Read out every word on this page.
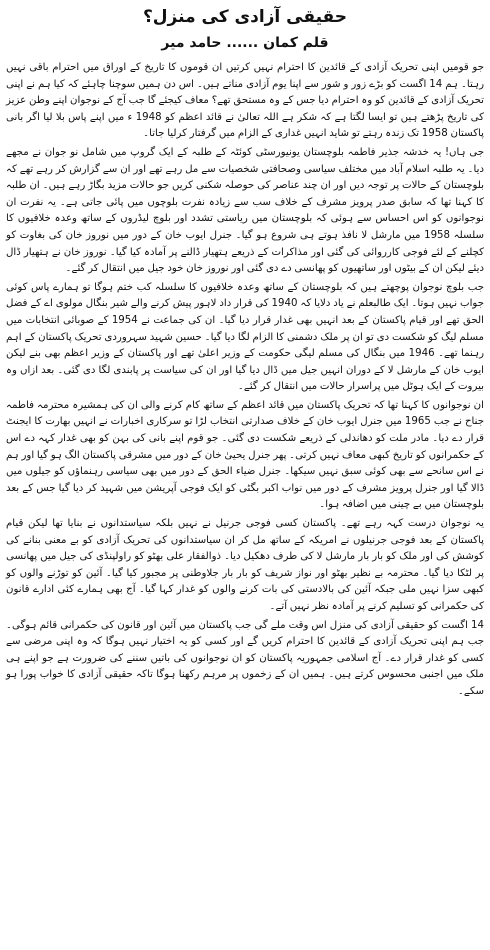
حقیقی آزادی کی منزل؟
قلم کمان ...... حامد میر

جو قومیں اپنی تحریک آزادی کے قائدین کا احترام نہیں کرتیں ان قوموں کا تاریخ کے اوراق میں احترام باقی نہیں رہتا۔ ہم 14 اگست کو بڑے زور و شور سے اپنا یوم آزادی مناتے ہیں۔ اس دن ہمیں سوچنا چاہئے کہ کیا ہم نے اپنی تحریک آزادی کے قائدین کو وہ احترام دیا جس کے وہ مستحق تھے؟ معاف کیجئے گا جب آج کے نوجوان اپنے وطن عزیز کی تاریخ پڑھتے ہیں تو ایسا لگتا ہے کہ شکر ہے اللہ تعالیٰ نے قائد اعظم کو 1948 ء میں اپنے پاس بلا لیا اگر بانی پاکستان 1958 تک زندہ رہتے تو شاید انہیں غداری کے الزام میں گرفتار کرلیا جاتا۔

جی ہاں! یہ خدشہ جذیر فاطمہ بلوچستان یونیورسٹی کوئٹہ کے طلبہ کے ایک گروپ میں شامل نو جوان نے مجھے دیا۔ یہ طلبہ اسلام آباد میں مختلف سیاسی وصحافتی شخصیات سے مل رہے تھے اور ان سے گزارش کر رہے تھے کہ بلوچستان کے حالات پر توجہ دیں اور ان چند عناصر کی حوصلہ شکنی کریں جو حالات مزید بگاڑ رہے ہیں۔ ان طلبہ کا کہنا تھا کہ سابق صدر پرویز مشرف کے خلاف سب سے زیادہ نفرت بلوچوں میں پائی جاتی ہے۔ یہ نفرت ان نوجوانوں کو اس احساس سے ہوئی کہ بلوچستان میں ریاستی تشدد اور بلوچ لیڈروں کے ساتھ وعدہ خلافیوں کا سلسلہ 1958 میں مارشل لا نافذ ہوتے ہی شروع ہو گیا۔ جنرل ایوب خان کے دور میں نوروز خان کی بغاوت کو کچلنے کے لئے فوجی کارروائی کی گئی اور مذاکرات کے ذریعے ہتھیار ڈالنے پر آمادہ کیا گیا۔ نوروز خان نے ہتھیار ڈال دیئے لیکن ان کے بیٹوں اور ساتھیوں کو پھانسی دے دی گئی اور نوروز خان خود جیل میں انتقال کر گئے۔

جب بلوچ نوجوان پوچھتے ہیں کہ بلوچستان کے ساتھ وعدہ خلافیوں کا سلسلہ کب ختم ہوگا تو ہمارے پاس کوئی جواب نہیں ہوتا۔ ایک طالبعلم نے یاد دلایا کہ 1940 کی قرار داد لاہور پیش کرنے والے شیر بنگال مولوی اے کے فضل الحق تھے اور قیام پاکستان کے بعد انہیں بھی غدار قرار دیا گیا۔ ان کی جماعت نے 1954 کے صوبائی انتخابات میں مسلم لیگ کو شکست دی تو ان پر ملک دشمنی کا الزام لگا دیا گیا۔ حسین شہید سہروردی تحریک پاکستان کے اہم رہنما تھے۔ 1946 میں بنگال کی مسلم لیگی حکومت کے وزیر اعلیٰ تھے اور پاکستان کے وزیر اعظم بھی بنے لیکن ایوب خان کے مارشل لا کے دوران انہیں جیل میں ڈال دیا گیا اور ان کی سیاست پر پابندی لگا دی گئی۔ بعد ازاں وہ بیروت کے ایک ہوٹل میں پراسرار حالات میں انتقال کر گئے۔

ان نوجوانوں کا کہنا تھا کہ تحریک پاکستان میں قائد اعظم کے ساتھ کام کرنے والی ان کی ہمشیرہ محترمہ فاطمہ جناح نے جب 1965 میں جنرل ایوب خان کے خلاف صدارتی انتخاب لڑا تو سرکاری اخبارات نے انہیں بھارت کا ایجنٹ قرار دے دیا۔ مادر ملت کو دھاندلی کے ذریعے شکست دی گئی۔ جو قوم اپنے بانی کی بہن کو بھی غدار کہہ دے اس کے حکمرانوں کو تاریخ کبھی معاف نہیں کرتی۔ پھر جنرل یحییٰ خان کے دور میں مشرقی پاکستان الگ ہو گیا اور ہم نے اس سانحے سے بھی کوئی سبق نہیں سیکھا۔ جنرل ضیاء الحق کے دور میں بھی سیاسی رہنماؤں کو جیلوں میں ڈالا گیا اور جنرل پرویز مشرف کے دور میں نواب اکبر بگٹی کو ایک فوجی آپریشن میں شہید کر دیا گیا جس کے بعد بلوچستان میں بے چینی میں اضافہ ہوا۔

یہ نوجوان درست کہہ رہے تھے۔ پاکستان کسی فوجی جرنیل نے نہیں بلکہ سیاستدانوں نے بنایا تھا لیکن قیام پاکستان کے بعد فوجی جرنیلوں نے امریکہ کے ساتھ مل کر ان سیاستدانوں کی تحریک آزادی کو بے معنی بنانے کی کوشش کی اور ملک کو بار بار مارشل لا کی طرف دھکیل دیا۔ ذوالفقار علی بھٹو کو راولپنڈی کی جیل میں پھانسی پر لٹکا دیا گیا۔ محترمہ بے نظیر بھٹو اور نواز شریف کو بار بار جلاوطنی پر مجبور کیا گیا۔ آئین کو توڑنے والوں کو کبھی سزا نہیں ملی جبکہ آئین کی بالادستی کی بات کرنے والوں کو غدار کہا گیا۔ آج بھی ہمارے کئی ادارے قانون کی حکمرانی کو تسلیم کرنے پر آمادہ نظر نہیں آتے۔

14 اگست کو حقیقی آزادی کی منزل اس وقت ملے گی جب پاکستان میں آئین اور قانون کی حکمرانی قائم ہوگی۔ جب ہم اپنی تحریک آزادی کے قائدین کا احترام کریں گے اور کسی کو یہ اختیار نہیں ہوگا کہ وہ اپنی مرضی سے کسی کو غدار قرار دے۔ آج اسلامی جمہوریہ پاکستان کو ان نوجوانوں کی باتیں سننے کی ضرورت ہے جو اپنے ہی ملک میں اجنبی محسوس کرتے ہیں۔ ہمیں ان کے زخموں پر مرہم رکھنا ہوگا تاکہ حقیقی آزادی کا خواب پورا ہو سکے۔
